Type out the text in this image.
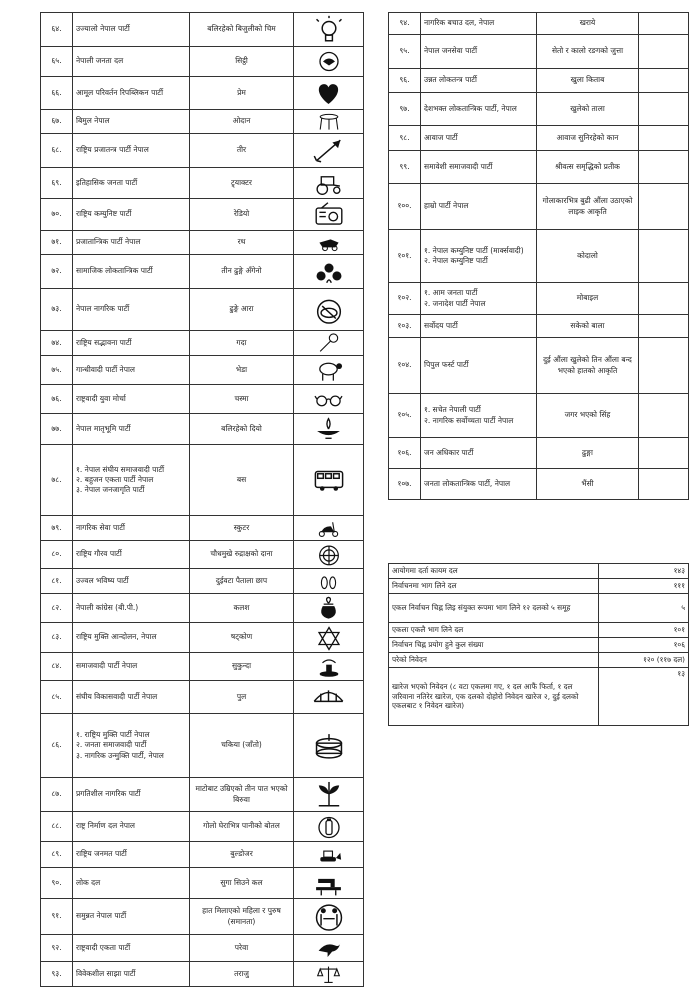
६४.	उज्यालो नेपाल पार्टी	बलिरहेको बिजुलीको चिम	

६५.	नेपाली जनता दल	सिट्ठी	

६६.	आमूल परिवर्तन रिपब्लिकन पार्टी	प्रेम	

६७.	बिमुल नेपाल	ओदान	

६८.	राष्ट्रिय प्रजातन्त्र पार्टी नेपाल	तीर	

६९.	इतिहासिक जनता पार्टी	ट्र्याक्टर	

७०.	राष्ट्रिय कम्युनिष्ट पार्टी	रेडियो	

७१.	प्रजातान्त्रिक पार्टी नेपाल	रथ	

७२.	सामाजिक लोकतान्त्रिक पार्टी	तीन ढुङ्गे अँगेनो	

७३.	नेपाल नागरिक पार्टी	ढुङ्गे आरा	

७४.	राष्ट्रिय सद्भावना पार्टी	गदा	

७५.	गान्धीवादी पार्टी नेपाल	भेडा	

७६.	राष्ट्रवादी युवा मोर्चा	चस्मा	

७७.	नेपाल मातृभूमि पार्टी	बलिरहेको दियो	

७८.	१. नेपाल संघीय समाजवादी पार्टी
२. बहुजन एकता पार्टी नेपाल
३. नेपाल जनजागृति पार्टी	बस	

७९.	नागरिक सेवा पार्टी	स्कुटर	

८०.	राष्ट्रिय गौरव पार्टी	चौधमुखे रुद्राक्षको दाना	

८१.	उज्वल भविष्य पार्टी	दुईवटा पैताला छाप	

८२.	नेपाली कांग्रेस (बी.पी.)	कलश	

८३.	राष्ट्रिय मुक्ति आन्दोलन, नेपाल	षट्कोण	

८४.	समाजवादी पार्टी नेपाल	सुकुन्दा	

८५.	संघीय विकासवादी पार्टी नेपाल	पुल	

८६.	१. राष्ट्रिय मुक्ति पार्टी नेपाल
२. जनता समाजवादी पार्टी
३. नागरिक उन्मुक्ति पार्टी, नेपाल	चकिया (जाँतो)	

८७.	प्रगतिशील नागरिक पार्टी	माटोबाट उम्रिएको तीन पात भएको बिरुवा	

८८.	राष्ट्र निर्माण दल नेपाल	गोलो घेराभित्र पानीको बोतल	

८९.	राष्ट्रिय जनमत पार्टी	बुल्डोजर	

९०.	लोक दल	सुगा सिउने कल	

९१.	समुन्नत नेपाल पार्टी	हात मिलाएको महिला र पुरुष (समानता)	

९२.	राष्ट्रवादी एकता पार्टी	परेवा	

९३.	विवेकशील साझा पार्टी	तराजु	
९४.	नागरिक बचाउ दल, नेपाल	खराये	
९५.	नेपाल जनसेवा पार्टी	सेतो र कालो रङगको जुत्ता	
९६.	उन्नत लोकतन्त्र पार्टी	खुला किताब	
९७.	देशभक्त लोकतान्त्रिक पार्टी, नेपाल	खुलेको ताला	
९८.	आवाज पार्टी	आवाज सुनिरहेको कान	
९९.	समावेशी समाजवादी पार्टी	श्रीवत्स समृद्धिको प्रतीक	
१००.	हाम्रो पार्टी नेपाल	गोलाकारभित्र बुढी औंला उठाएको लाइक आकृति	
१०१.	१. नेपाल कम्युनिष्ट पार्टी (मार्क्सवादी)
२. नेपाल कम्युनिष्ट पार्टी	कोदालो	
१०२.	१. आम जनता पार्टी
२. जनादेश पार्टी नेपाल	मोबाइल	
१०३.	सर्वोदय पार्टी	सकेको बाला	
१०४.	पिपुल फर्स्ट पार्टी	दुई औंला खुलेको तिन औंला बन्द भएको हातको आकृति	
१०५.	१. सचेत नेपाली पार्टी
२. नागरिक सर्वोच्चता पार्टी नेपाल	जगर भएको सिंह	
१०६.	जन अधिकार पार्टी	ढुङ्गा	
१०७.	जनता लोकतान्त्रिक पार्टी, नेपाल	भैंसी	
आयोगमा दर्ता कायम दल	१४३
निर्वाचनमा भाग लिने दल	१११
एकल निर्वाचन चिह्न लिइ संयुक्त रूपमा भाग लिने १२ दलको ५ समूह	५
एकला एकलै भाग लिने दल	१०१
निर्वाचन चिह्न प्रयोग हुने कुल संख्या	१०६
परेको निवेदन	१२० (११७ दल)
खारेज भएको निवेदन (८ वटा एकलमा गए, १ दल आफैं फिर्ता, १ दल जरिवाना नतिरेर खारेज, एक दलको दोहोरो निवेदन खारेज २, दुई दलको एकलबाट १ निवेदन खारेज)	१३
